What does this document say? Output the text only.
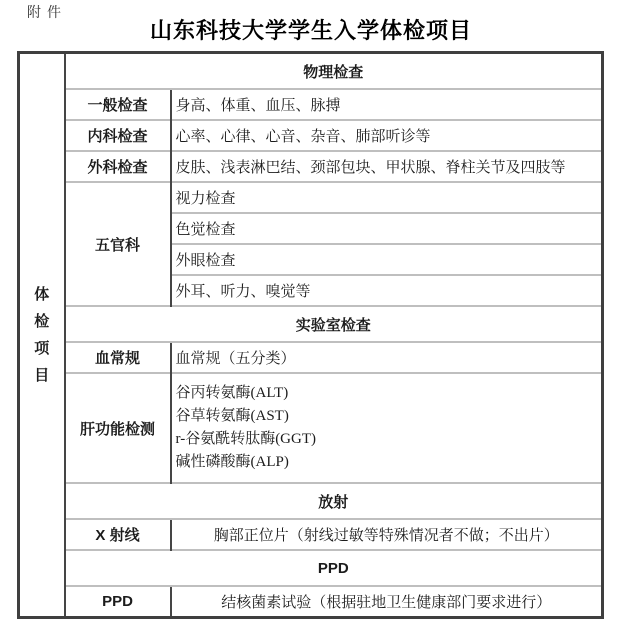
附件
山东科技大学学生入学体检项目
体检项目	物理检查	
	一般检查	身高、体重、血压、脉搏
	内科检查	心率、心律、心音、杂音、肺部听诊等
	外科检查	皮肤、浅表淋巴结、颈部包块、甲状腺、脊柱关节及四肢等
	五官科	视力检查
		色觉检查
		外眼检查
		外耳、听力、嗅觉等
	实验室检查	
	血常规	血常规（五分类）
	肝功能检测	谷丙转氨酶(ALT)
谷草转氨酶(AST)
r-谷氨酰转肽酶(GGT)
碱性磷酸酶(ALP)

	放射	
	X 射线	胸部正位片（射线过敏等特殊情况者不做；不出片）
	PPD	
	PPD	结核菌素试验（根据驻地卫生健康部门要求进行）
